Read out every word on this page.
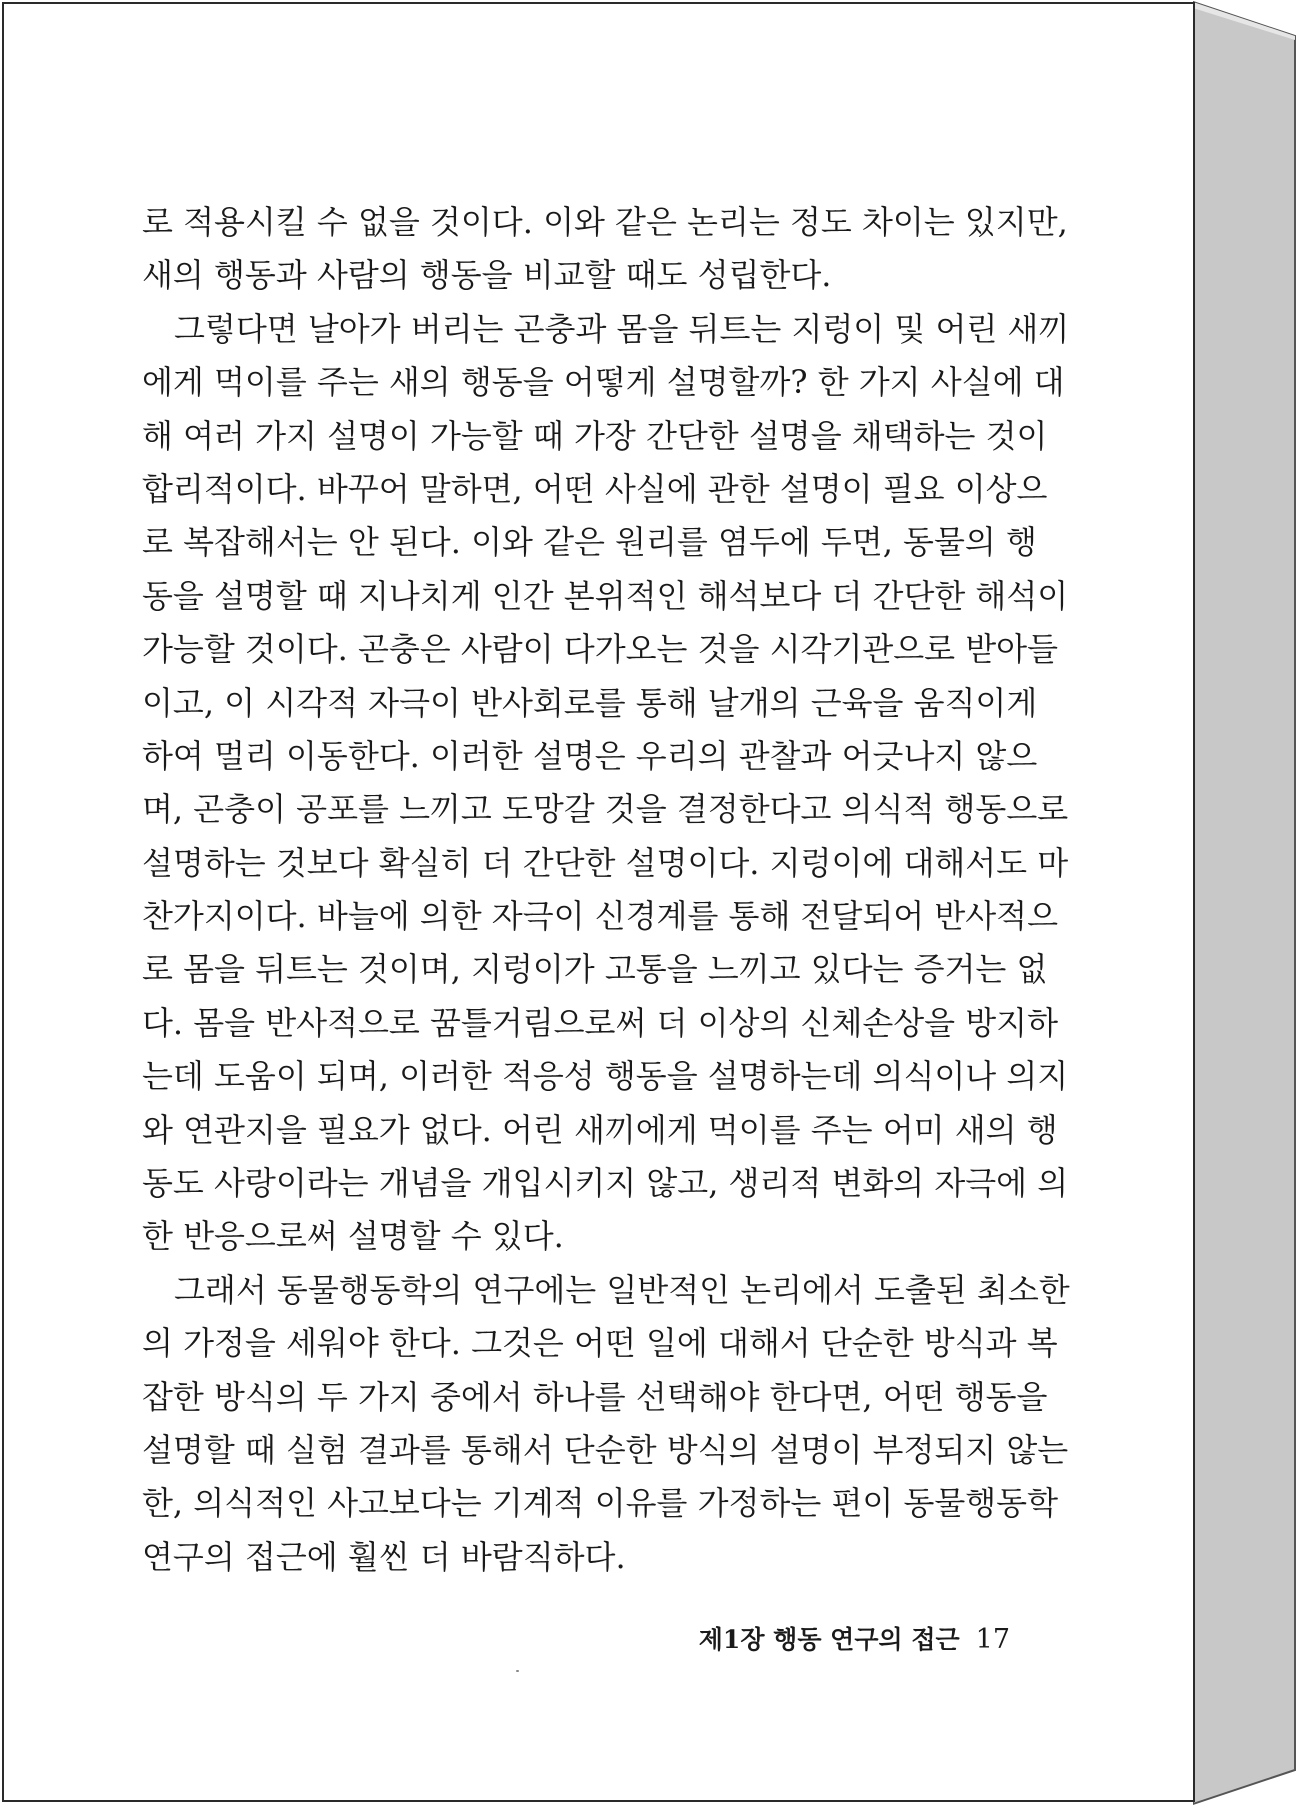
로 적용시킬 수 없을 것이다. 이와 같은 논리는 정도 차이는 있지만,
새의 행동과 사람의 행동을 비교할 때도 성립한다.
그렇다면 날아가 버리는 곤충과 몸을 뒤트는 지렁이 및 어린 새끼
에게 먹이를 주는 새의 행동을 어떻게 설명할까? 한 가지 사실에 대
해 여러 가지 설명이 가능할 때 가장 간단한 설명을 채택하는 것이
합리적이다. 바꾸어 말하면, 어떤 사실에 관한 설명이 필요 이상으
로 복잡해서는 안 된다. 이와 같은 원리를 염두에 두면, 동물의 행
동을 설명할 때 지나치게 인간 본위적인 해석보다 더 간단한 해석이
가능할 것이다. 곤충은 사람이 다가오는 것을 시각기관으로 받아들
이고, 이 시각적 자극이 반사회로를 통해 날개의 근육을 움직이게
하여 멀리 이동한다. 이러한 설명은 우리의 관찰과 어긋나지 않으
며, 곤충이 공포를 느끼고 도망갈 것을 결정한다고 의식적 행동으로
설명하는 것보다 확실히 더 간단한 설명이다. 지렁이에 대해서도 마
찬가지이다. 바늘에 의한 자극이 신경계를 통해 전달되어 반사적으
로 몸을 뒤트는 것이며, 지렁이가 고통을 느끼고 있다는 증거는 없
다. 몸을 반사적으로 꿈틀거림으로써 더 이상의 신체손상을 방지하
는데 도움이 되며, 이러한 적응성 행동을 설명하는데 의식이나 의지
와 연관지을 필요가 없다. 어린 새끼에게 먹이를 주는 어미 새의 행
동도 사랑이라는 개념을 개입시키지 않고, 생리적 변화의 자극에 의
한 반응으로써 설명할 수 있다.
그래서 동물행동학의 연구에는 일반적인 논리에서 도출된 최소한
의 가정을 세워야 한다. 그것은 어떤 일에 대해서 단순한 방식과 복
잡한 방식의 두 가지 중에서 하나를 선택해야 한다면, 어떤 행동을
설명할 때 실험 결과를 통해서 단순한 방식의 설명이 부정되지 않는
한, 의식적인 사고보다는 기계적 이유를 가정하는 편이 동물행동학
연구의 접근에 훨씬 더 바람직하다.
제1장 행동 연구의 접근 17
